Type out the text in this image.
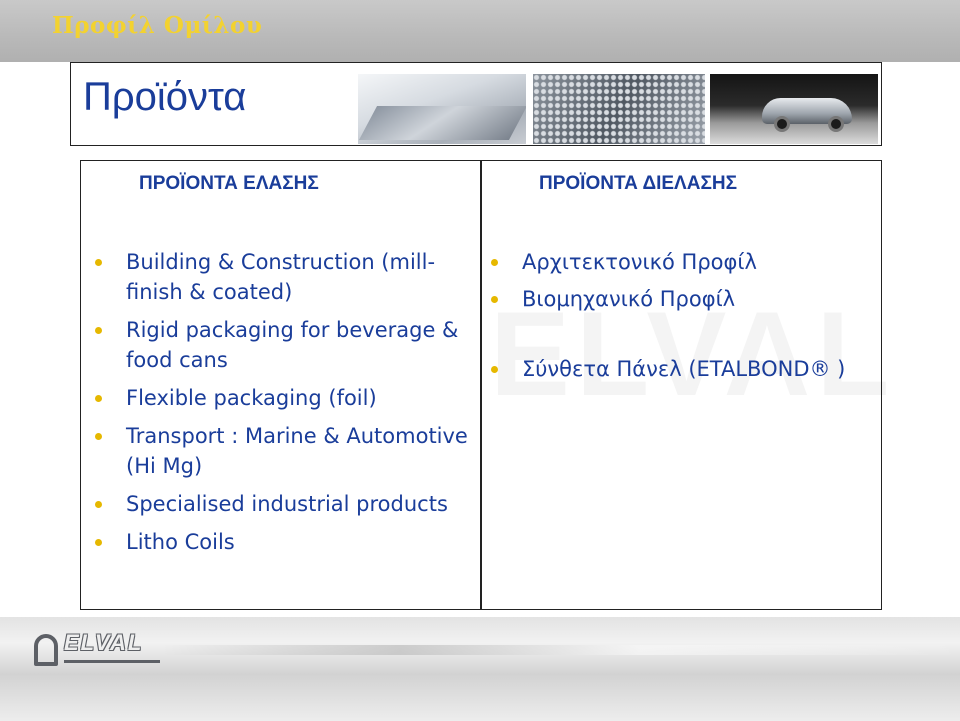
Προφίλ Ομίλου
Προϊόντα
ΠΡΟΪΟΝΤΑ ΕΛΑΣΗΣ	ΠΡΟΪΟΝΤΑ ΔΙΕΛΑΣΗΣ
Building & Construction (mill-finish & coated)
Rigid packaging for beverage & food cans
Flexible packaging (foil)
Transport : Marine & Automotive (Hi Mg)
Specialised industrial products
Litho Coils
Αρχιτεκτονικό Προφίλ
Βιομηχανικό Προφίλ
Σύνθετα Πάνελ (ETALBOND® )
ELVAL
